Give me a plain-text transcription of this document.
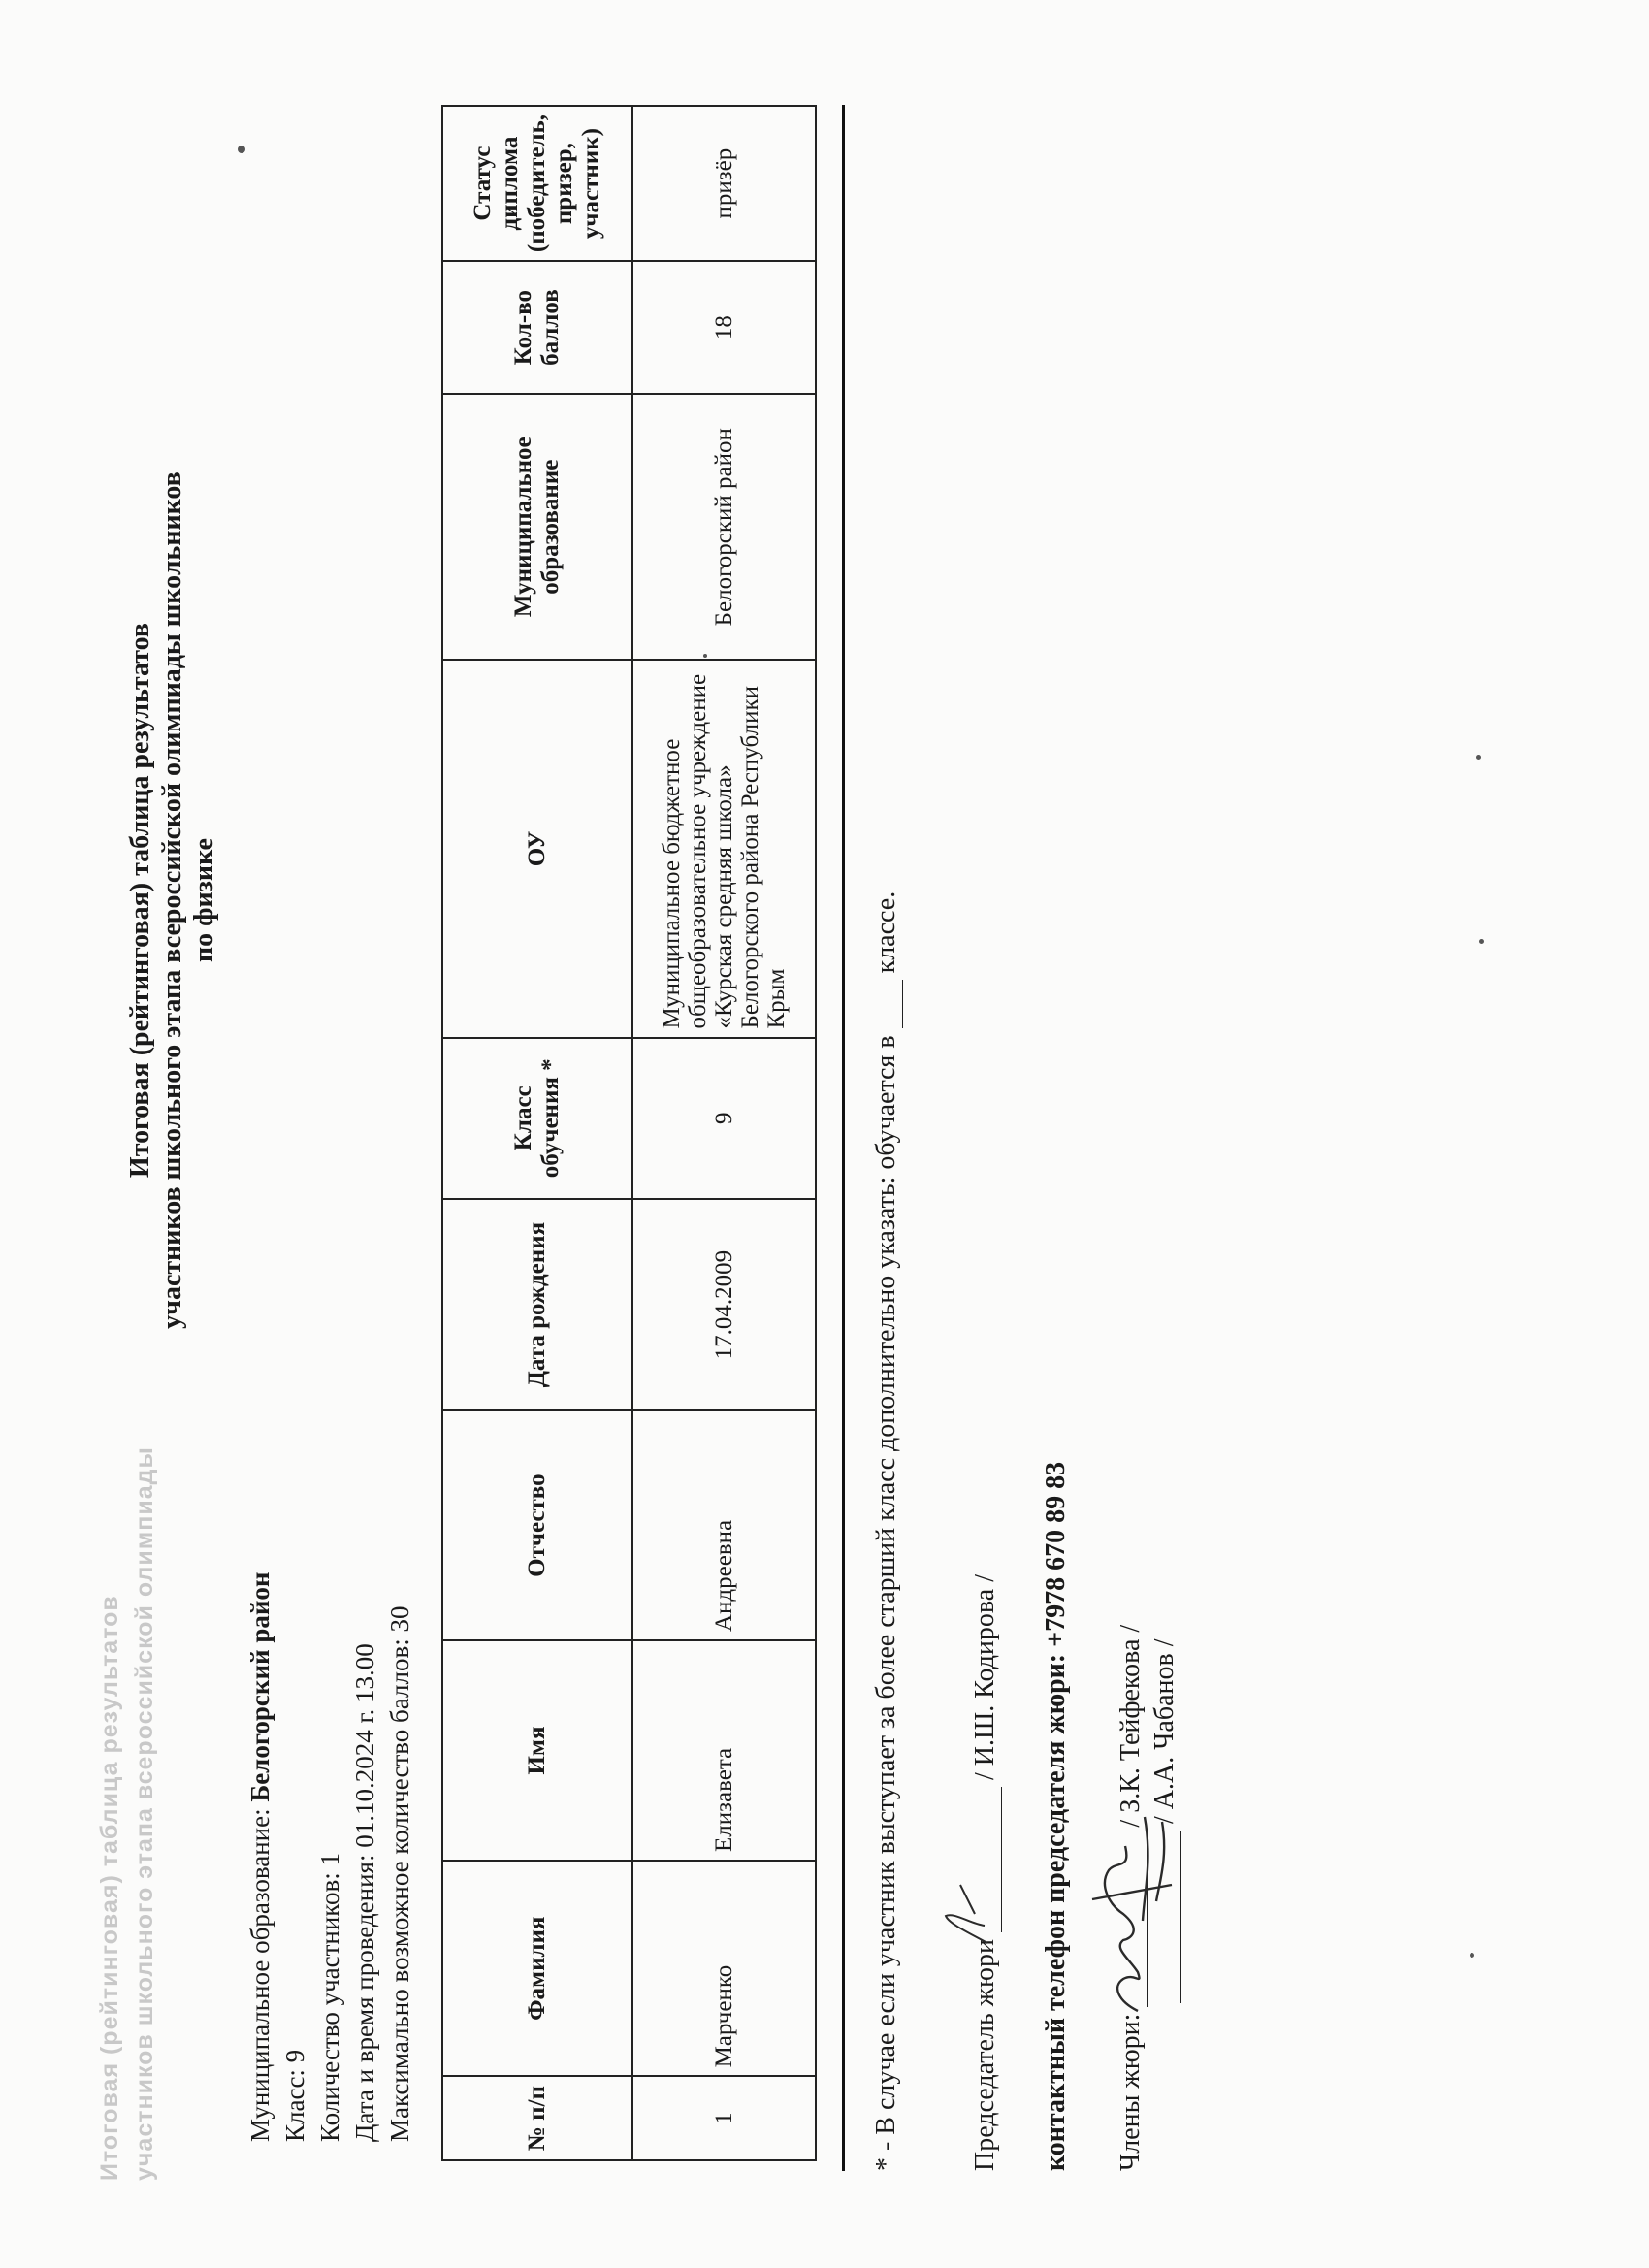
Итоговая (рейтинговая) таблица результатов участников школьного этапа всероссийской олимпиады
Итоговая (рейтинговая) таблица результатов участников школьного этапа всероссийской олимпиады школьников по физике
Муниципальное образование: Белогорский район
Класс: 9 Количество участников: 1 Дата и время проведения: 01.10.2024 г. 13.00 Максимально возможное количество баллов: 30
№ п/п	Фамилия	Имя	Отчество	Дата рождения	Класс обучения *	ОУ	Муниципальное образование	Кол-во баллов	Статус диплома (победитель, призер, участник)
1	Марченко	Елизавета	Андреевна	17.04.2009	9	Муниципальное бюджетное общеобразовательное учреждение «Курская средняя школа» Белогорского района Республики Крым	Белогорский район	18	призёр
* - В случае если участник выступает за более старший класс дополнительно указать: обучается в   классе.
Председатель жюри   / И.Ш. Кодирова /
контактный телефон председателя жюри: +7978 670 89 83
Члены жюри:   / З.К. Тейфекова /
/ А.А. Чабанов /
